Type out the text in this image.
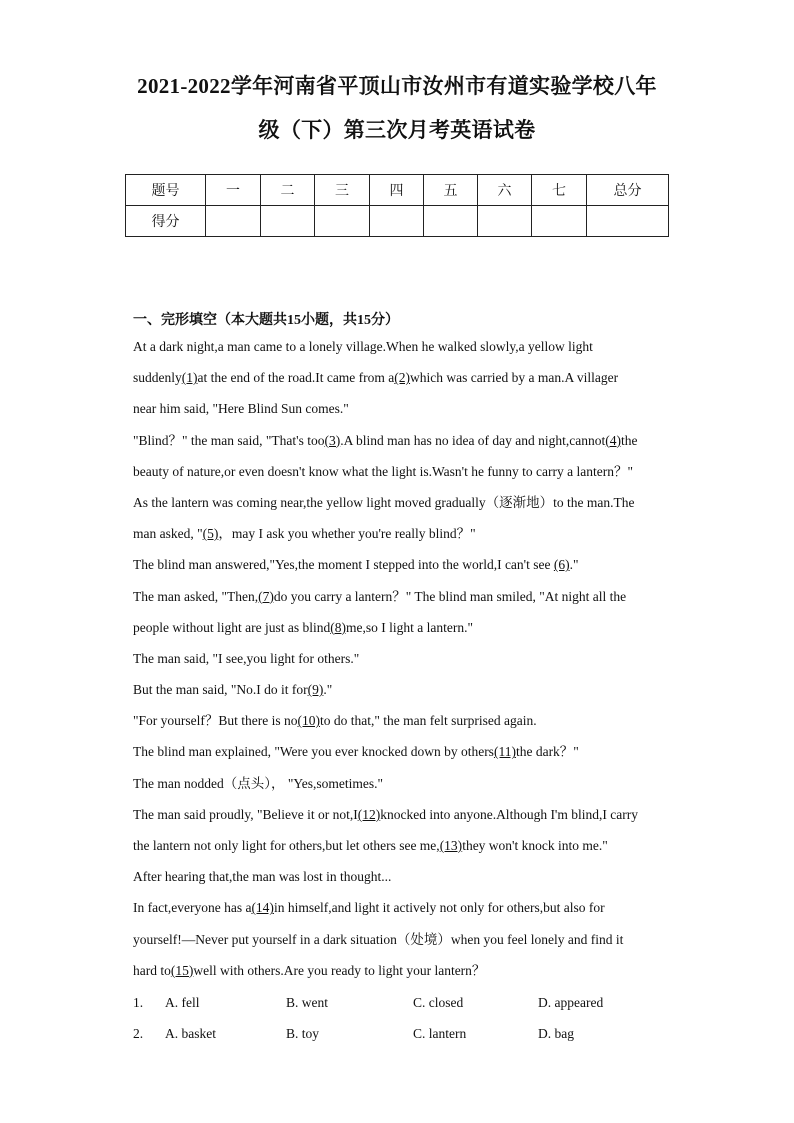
2021-2022学年河南省平顶山市汝州市有道实验学校八年
级（下）第三次月考英语试卷
题号	一	二	三	四	五	六	七	总分
得分								
一、完形填空（本大题共15小题，共15分）
At a dark night,a man came to a lonely village.When he walked slowly,a yellow light
suddenly(1)at the end of the road.It came from a(2)which was carried by a man.A villager
near him said, "Here Blind Sun comes."
"Blind？" the man said, "That's too(3).A blind man has no idea of day and night,cannot(4)the
beauty of nature,or even doesn't know what the light is.Wasn't he funny to carry a lantern？"
As the lantern was coming near,the yellow light moved gradually（逐渐地）to the man.The
man asked, "(5)，may I ask you whether you're really blind？"
The blind man answered,"Yes,the moment I stepped into the world,I can't see (6)."
The man asked, "Then,(7)do you carry a lantern？" The blind man smiled, "At night all the
people without light are just as blind(8)me,so I light a lantern."
The man said, "I see,you light for others."
But the man said, "No.I do it for(9)."
"For yourself？But there is no(10)to do that," the man felt surprised again.
The blind man explained, "Were you ever knocked down by others(11)the dark？"
The man nodded（点头）， "Yes,sometimes."
The man said proudly, "Believe it or not,I(12)knocked into anyone.Although I'm blind,I carry
the lantern not only light for others,but let others see me,(13)they won't knock into me."
After hearing that,the man was lost in thought...
In fact,everyone has a(14)in himself,and light it actively not only for others,but also for
yourself!—Never put yourself in a dark situation（处境）when you feel lonely and find it
hard to(15)well with others.Are you ready to light your lantern？
1.	A. fell	B. went	C. closed	D. appeared
2.	A. basket	B. toy	C. lantern	D. bag
